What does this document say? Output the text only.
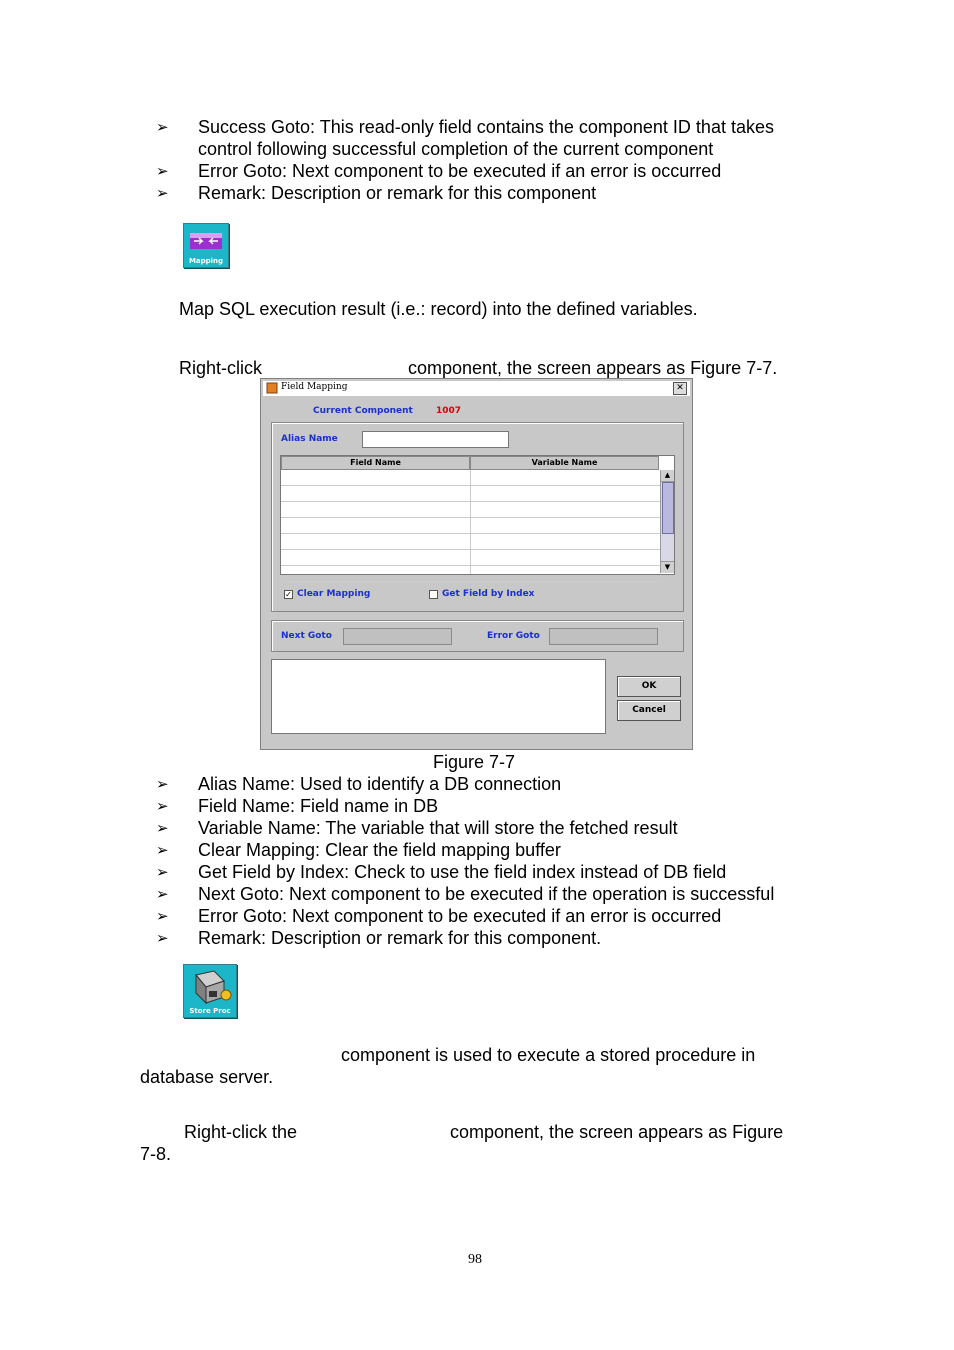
➢ Success Goto: This read-only field contains the component ID that takes
control following successful completion of the current component
➢ Error Goto: Next component to be executed if an error is occurred
➢ Remark: Description or remark for this component
Mapping
Map SQL execution result (i.e.: record) into the defined variables.
Right-click	component, the screen appears as Figure 7-7.
Field Mapping	✕
Current Component	1007
Alias Name
Field Name	Variable Name
▲
▼
✓ Clear Mapping	Get Field by Index
Next Goto	Error Goto
OK
Cancel
Figure 7-7
➢ Alias Name: Used to identify a DB connection
➢ Field Name: Field name in DB
➢ Variable Name: The variable that will store the fetched result
➢ Clear Mapping: Clear the field mapping buffer
➢ Get Field by Index: Check to use the field index instead of DB field
➢ Next Goto: Next component to be executed if the operation is successful
➢ Error Goto: Next component to be executed if an error is occurred
➢ Remark: Description or remark for this component.
Store Proc
component is used to execute a stored procedure in
database server.
Right-click the	component, the screen appears as Figure
7-8.
98
